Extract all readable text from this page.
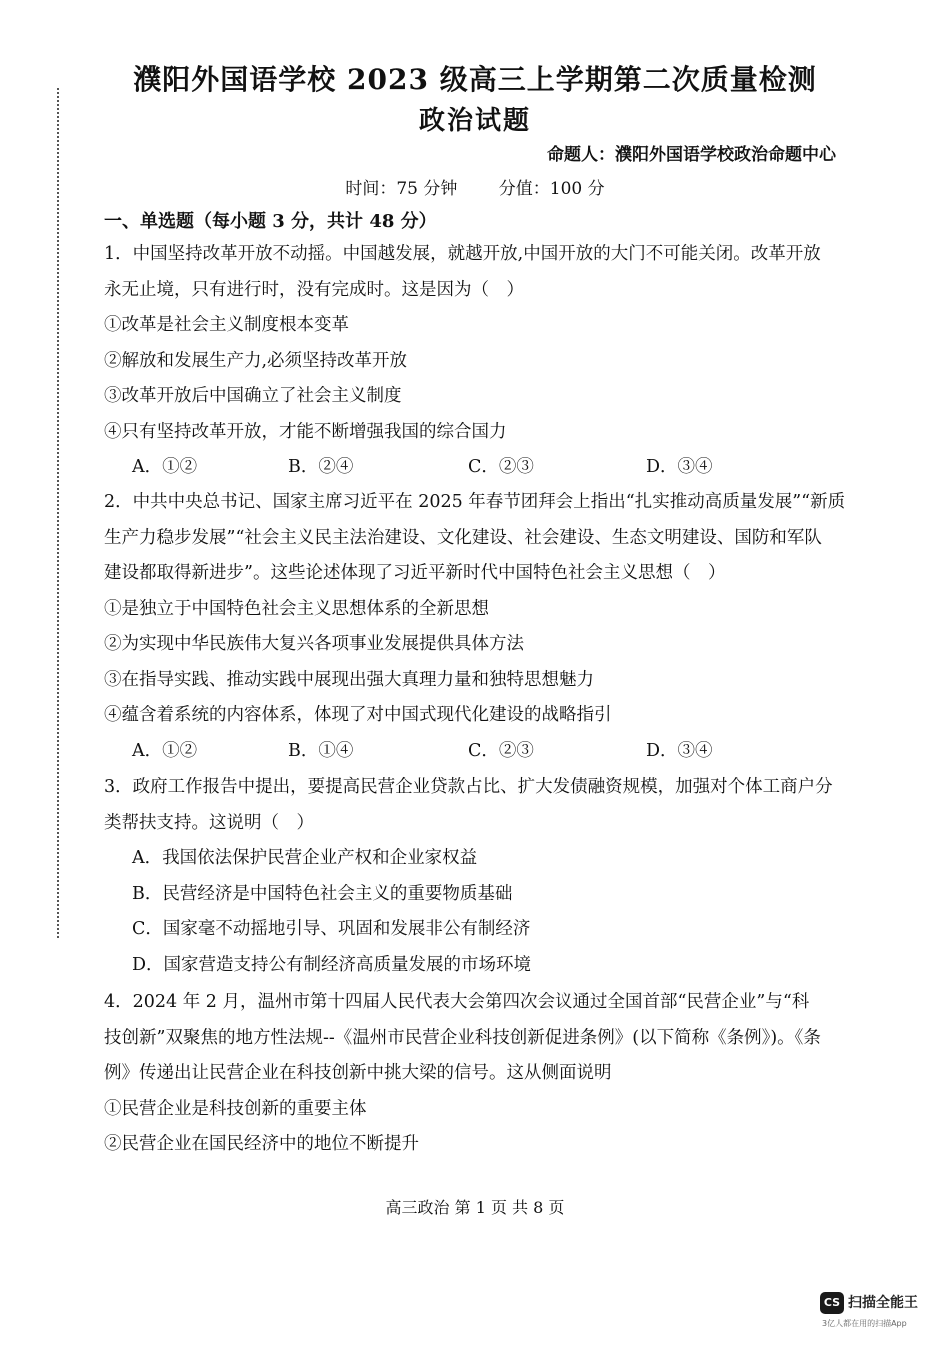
濮阳外国语学校 2023 级高三上学期第二次质量检测
政治试题
命题人：濮阳外国语学校政治命题中心
时间：75 分钟 分值：100 分
一、单选题（每小题 3 分，共计 48 分）
1．中国坚持改革开放不动摇。中国越发展，就越开放,中国开放的大门不可能关闭。改革开放
永无止境，只有进行时，没有完成时。这是因为（　）
①改革是社会主义制度根本变革
②解放和发展生产力,必须坚持改革开放
③改革开放后中国确立了社会主义制度
④只有坚持改革开放，才能不断增强我国的综合国力
A．①②	B．②④	C．②③	D．③④
2．中共中央总书记、国家主席习近平在 2025 年春节团拜会上指出“扎实推动高质量发展”“新质
生产力稳步发展”“社会主义民主法治建设、文化建设、社会建设、生态文明建设、国防和军队
建设都取得新进步”。这些论述体现了习近平新时代中国特色社会主义思想（　）
①是独立于中国特色社会主义思想体系的全新思想
②为实现中华民族伟大复兴各项事业发展提供具体方法
③在指导实践、推动实践中展现出强大真理力量和独特思想魅力
④蕴含着系统的内容体系，体现了对中国式现代化建设的战略指引
A．①②	B．①④	C．②③	D．③④
3．政府工作报告中提出，要提高民营企业贷款占比、扩大发债融资规模，加强对个体工商户分
类帮扶支持。这说明（　）
A．我国依法保护民营企业产权和企业家权益
B．民营经济是中国特色社会主义的重要物质基础
C．国家毫不动摇地引导、巩固和发展非公有制经济
D．国家营造支持公有制经济高质量发展的市场环境
4．2024 年 2 月，温州市第十四届人民代表大会第四次会议通过全国首部“民营企业”与“科
技创新”双聚焦的地方性法规--《温州市民营企业科技创新促进条例》(以下简称《条例》)。《条
例》传递出让民营企业在科技创新中挑大梁的信号。这从侧面说明
①民营企业是科技创新的重要主体
②民营企业在国民经济中的地位不断提升
高三政治 第 1 页 共 8 页
CS 扫描全能王
3亿人都在用的扫描App
